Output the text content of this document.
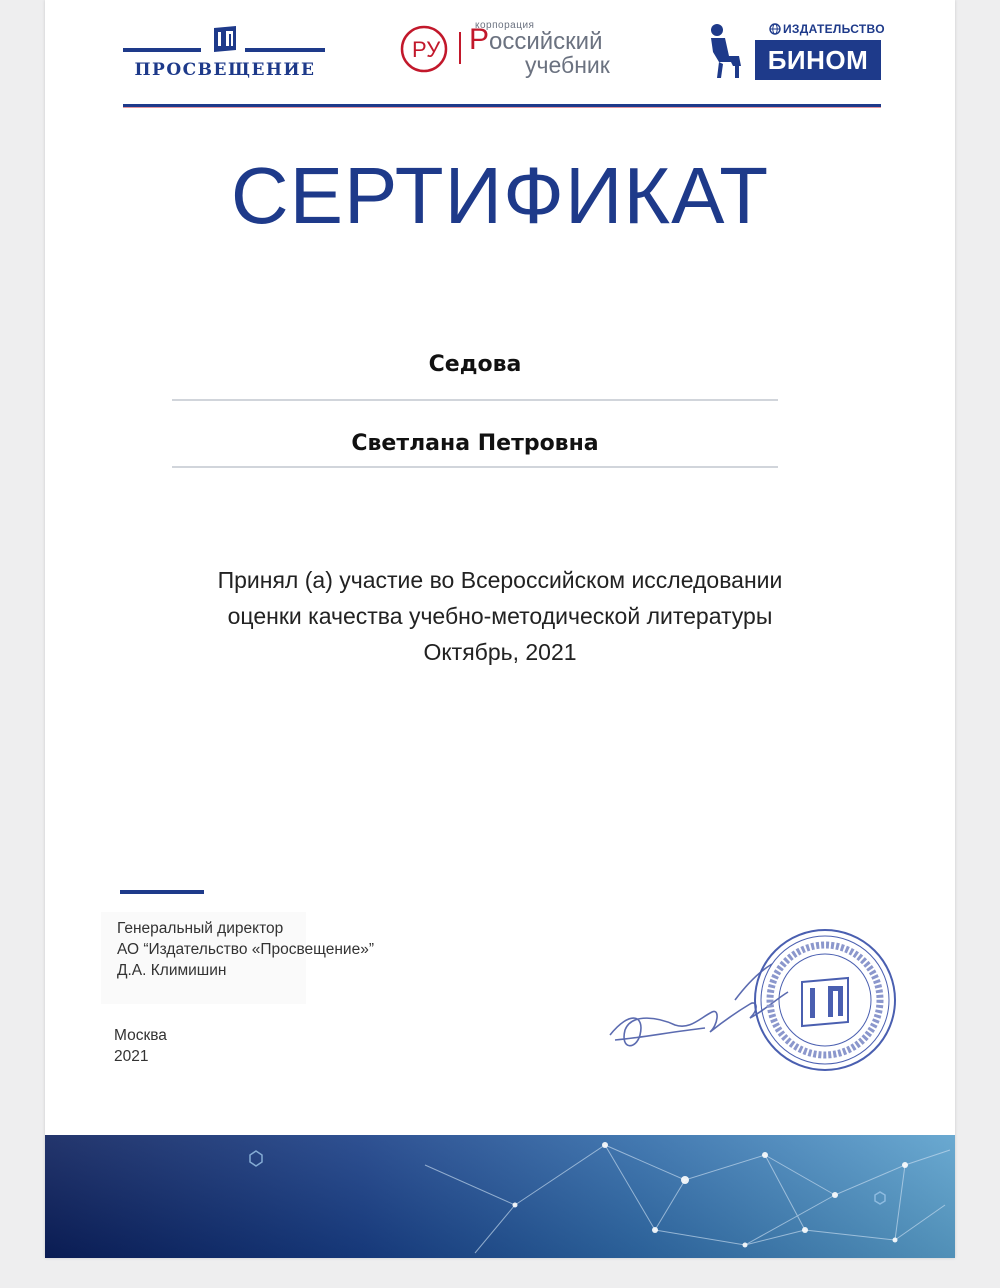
ИП
ПРОСВЕЩЕНИЕ
РУ
корпорация
Российский
учебник
ИЗДАТЕЛЬСТВО
БИНОМ
СЕРТИФИКАТ
Седова
Светлана Петровна
Принял (а) участие во Всероссийском исследовании
оценки качества учебно-методической литературы
Октябрь, 2021
Генеральный директор
АО “Издательство «Просвещение»”
Д.А. Климишин
Москва
2021
